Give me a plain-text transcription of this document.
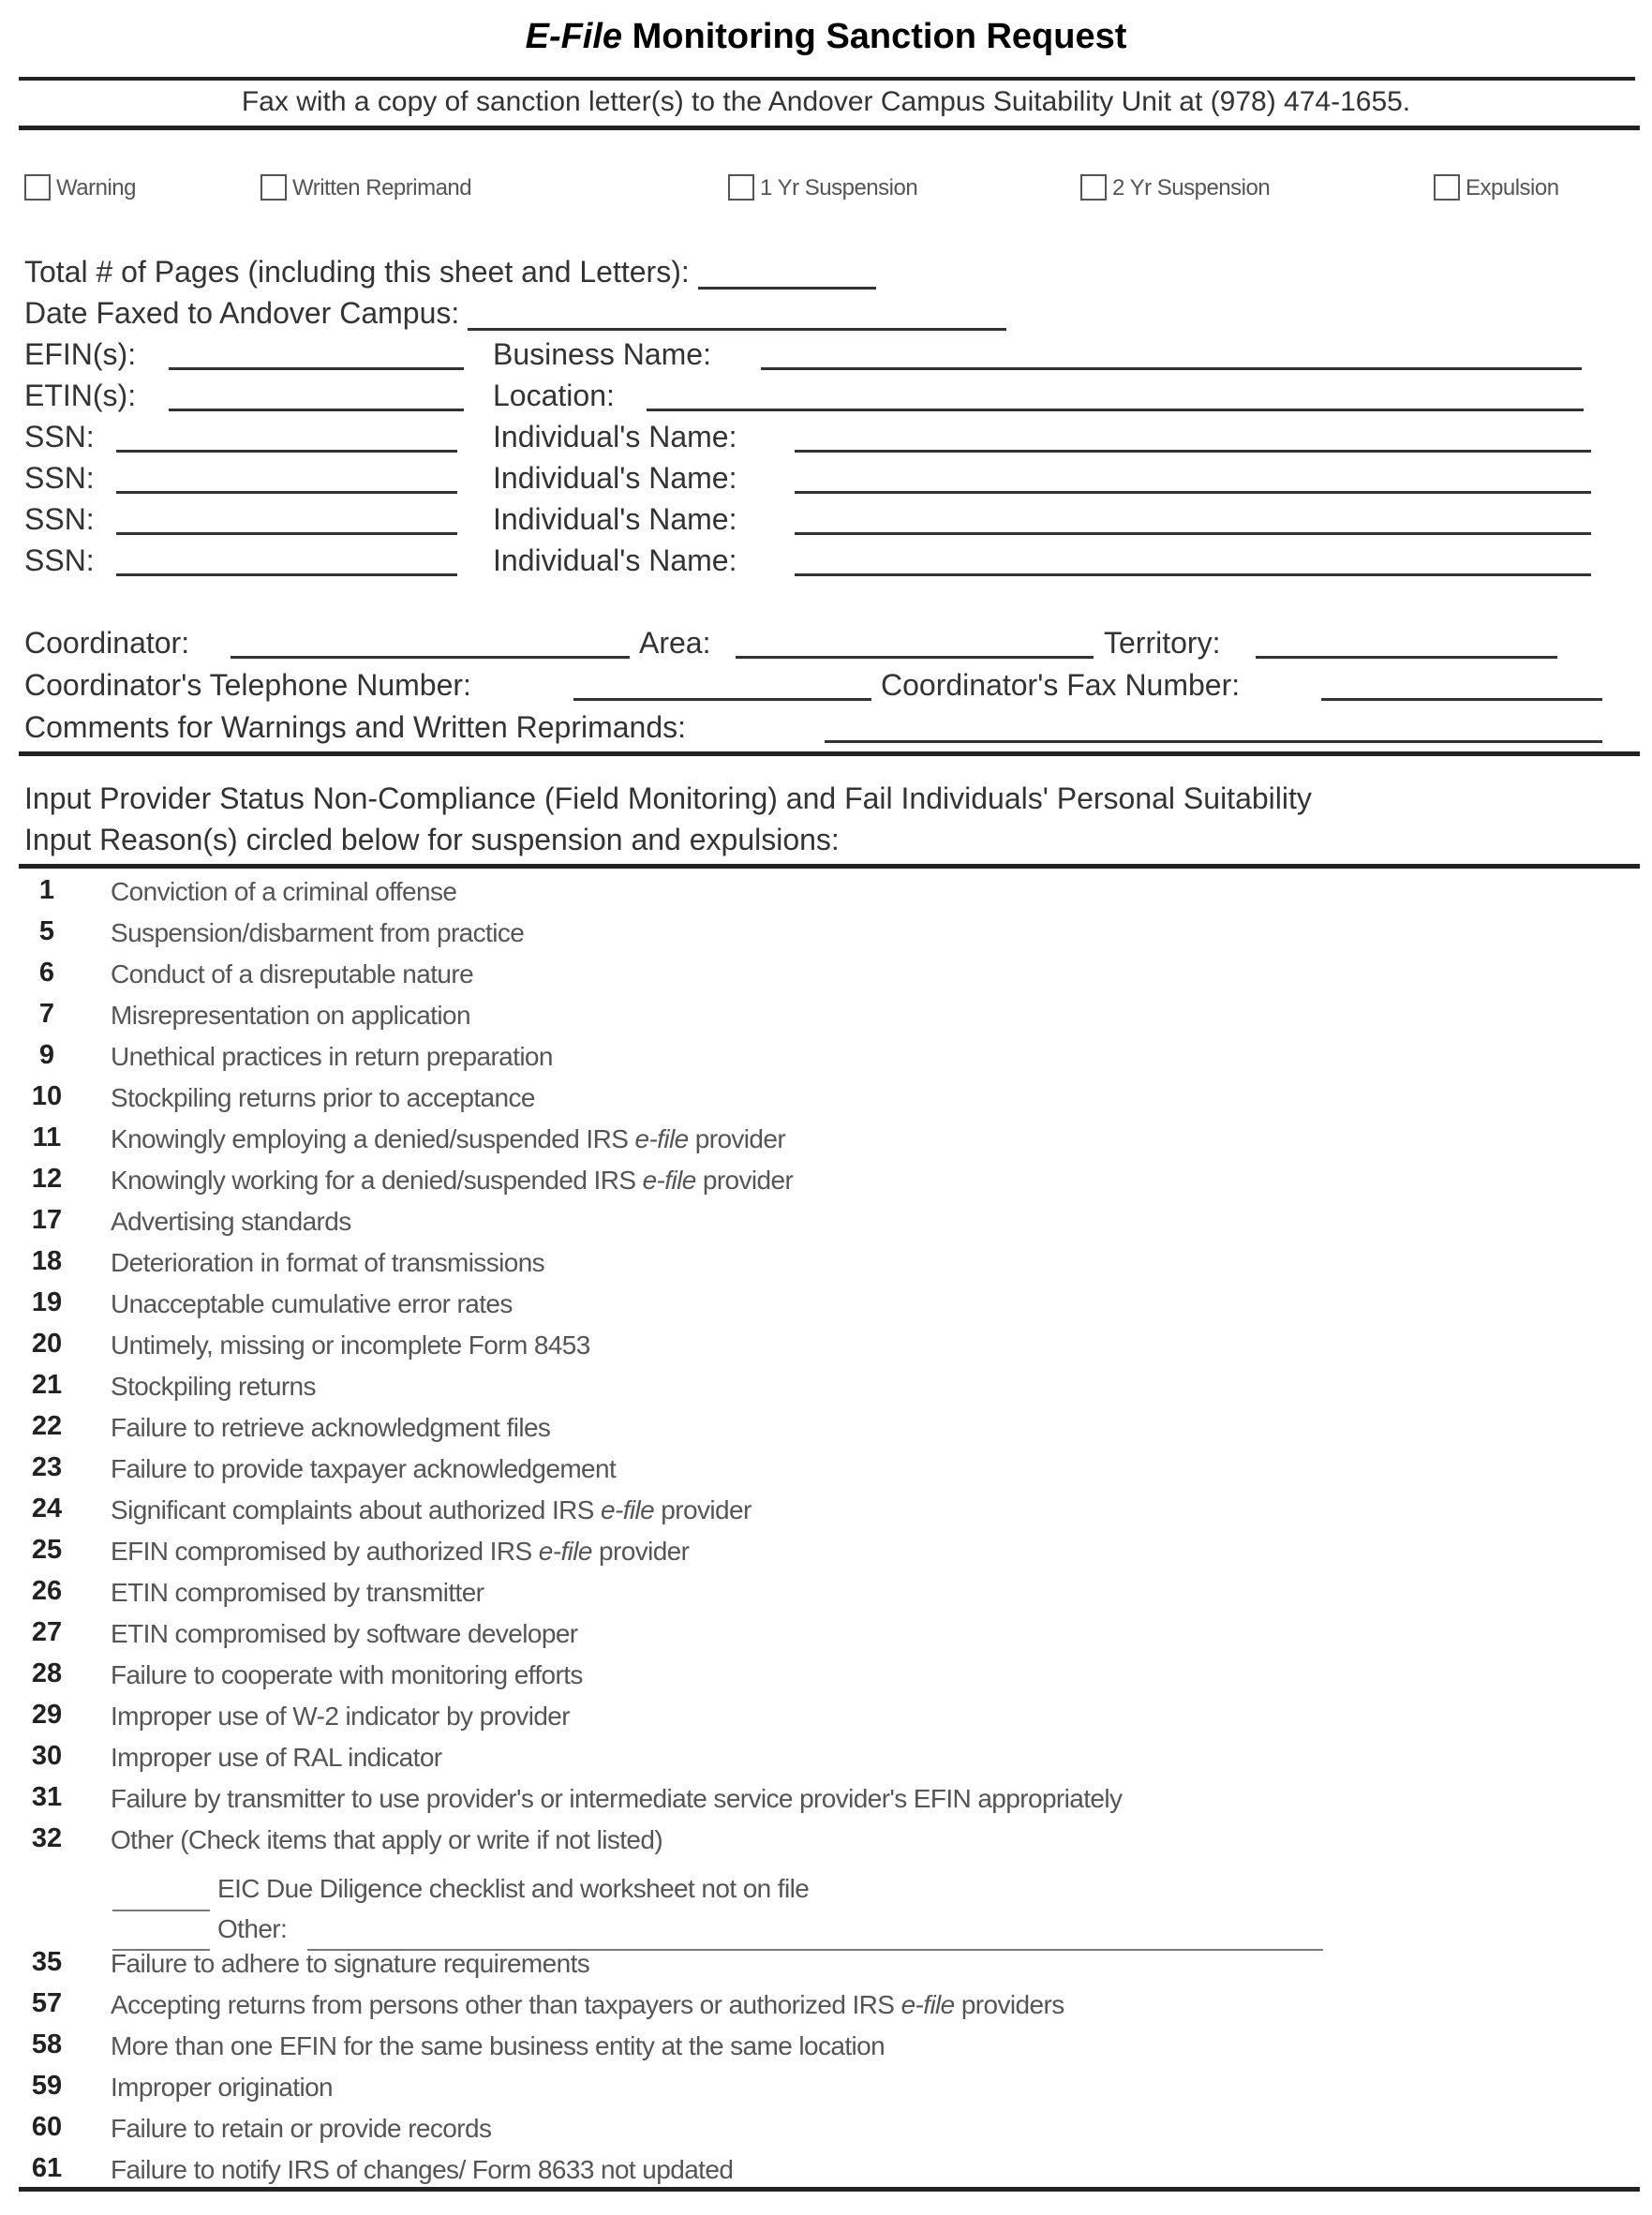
E-File Monitoring Sanction Request
Fax with a copy of sanction letter(s) to the Andover Campus Suitability Unit at (978) 474-1655.
Warning	Written Reprimand	1 Yr Suspension	2 Yr Suspension	Expulsion
Total # of Pages (including this sheet and Letters):
Date Faxed to Andover Campus:
EFIN(s):	Business Name:
ETIN(s):	Location:
SSN:	Individual's Name:
SSN:	Individual's Name:
SSN:	Individual's Name:
SSN:	Individual's Name:
Coordinator:	Area:	Territory:
Coordinator's Telephone Number:	Coordinator's Fax Number:
Comments for Warnings and Written Reprimands:
Input Provider Status Non-Compliance (Field Monitoring) and Fail Individuals' Personal Suitability
Input Reason(s) circled below for suspension and expulsions:
1	Conviction of a criminal offense
5	Suspension/disbarment from practice
6	Conduct of a disreputable nature
7	Misrepresentation on application
9	Unethical practices in return preparation
10	Stockpiling returns prior to acceptance
11	Knowingly employing a denied/suspended IRS e-file provider
12	Knowingly working for a denied/suspended IRS e-file provider
17	Advertising standards
18	Deterioration in format of transmissions
19	Unacceptable cumulative error rates
20	Untimely, missing or incomplete Form 8453
21	Stockpiling returns
22	Failure to retrieve acknowledgment files
23	Failure to provide taxpayer acknowledgement
24	Significant complaints about authorized IRS e-file provider
25	EFIN compromised by authorized IRS e-file provider
26	ETIN compromised by transmitter
27	ETIN compromised by software developer
28	Failure to cooperate with monitoring efforts
29	Improper use of W-2 indicator by provider
30	Improper use of RAL indicator
31	Failure by transmitter to use provider's or intermediate service provider's EFIN appropriately
32	Other (Check items that apply or write if not listed)
35	Failure to adhere to signature requirements
57	Accepting returns from persons other than taxpayers or authorized IRS e-file providers
58	More than one EFIN for the same business entity at the same location
59	Improper origination
60	Failure to retain or provide records
61	Failure to notify IRS of changes/ Form 8633 not updated
EIC Due Diligence checklist and worksheet not on file
Other:
